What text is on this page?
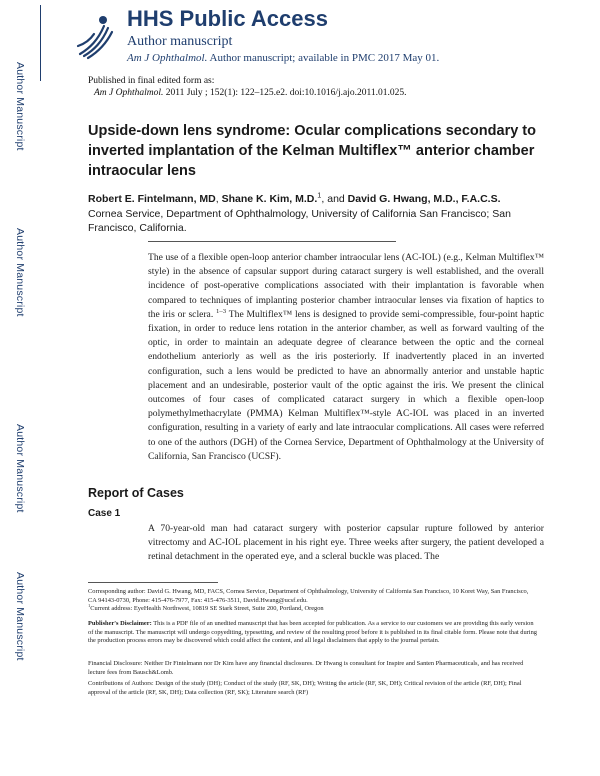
Author Manuscript
Author Manuscript
Author Manuscript
Author Manuscript
HHS Public Access
Author manuscript
Am J Ophthalmol. Author manuscript; available in PMC 2017 May 01.
Published in final edited form as:
Am J Ophthalmol. 2011 July ; 152(1): 122–125.e2. doi:10.1016/j.ajo.2011.01.025.
Upside-down lens syndrome: Ocular complications secondary to inverted implantation of the Kelman Multiflex™ anterior chamber intraocular lens
Robert E. Fintelmann, MD, Shane K. Kim, M.D.$^1$, and David G. Hwang, M.D., F.A.C.S.
Cornea Service, Department of Ophthalmology, University of California San Francisco; San Francisco, California.
The use of a flexible open-loop anterior chamber intraocular lens (AC-IOL) (e.g., Kelman Multiflex™ style) in the absence of capsular support during cataract surgery is well established, and the overall incidence of post-operative complications associated with their implantation is favorable when compared to techniques of implanting posterior chamber intraocular lenses via fixation of haptics to the iris or sclera. $^{1-3}$ The Multiflex™ lens is designed to provide semi-compressible, four-point haptic fixation, in order to reduce lens rotation in the anterior chamber, as well as forward vaulting of the optic, in order to maintain an adequate degree of clearance between the optic and the corneal endothelium anteriorly as well as the iris posteriorly. If inadvertently placed in an inverted configuration, such a lens would be predicted to have an abnormally anterior and unstable haptic placement and an undesirable, posterior vault of the optic against the iris. We present the clinical outcomes of four cases of complicated cataract surgery in which a flexible open-loop polymethylmethacrylate (PMMA) Kelman Multiflex™-style AC-IOL was placed in an inverted configuration, resulting in a variety of early and late intraocular complications. All cases were referred to one of the authors (DGH) of the Cornea Service, Department of Ophthalmology at the University of California, San Francisco (UCSF).
Report of Cases
Case 1
A 70-year-old man had cataract surgery with posterior capsular rupture followed by anterior vitrectomy and AC-IOL placement in his right eye. Three weeks after surgery, the patient developed a retinal detachment in the operated eye, and a scleral buckle was placed. The
Corresponding author: David G. Hwang, MD, FACS, Cornea Service, Department of Ophthalmology, University of California San Francisco, 10 Koret Way, San Francisco, CA 94143-0730, Phone: 415-476-7977, Fax: 415-476-3511, David.Hwang@ucsf.edu.
$^1$Current address: EyeHealth Northwest, 10819 SE Stark Street, Suite 200, Portland, Oregon
Publisher's Disclaimer: This is a PDF file of an unedited manuscript that has been accepted for publication. As a service to our customers we are providing this early version of the manuscript. The manuscript will undergo copyediting, typesetting, and review of the resulting proof before it is published in its final citable form. Please note that during the production process errors may be discovered which could affect the content, and all legal disclaimers that apply to the journal pertain.
Financial Disclosure: Neither Dr Fintelmann nor Dr Kim have any financial disclosures. Dr Hwang is consultant for Inspire and Santen Pharmaceuticals, and has received lecture fees from Bausch&Lomb.
Contributions of Authors: Design of the study (DH); Conduct of the study (RF, SK, DH); Writing the article (RF, SK, DH); Critical revision of the article (RF, DH); Final approval of the article (RF, SK, DH); Data collection (RF, SK); Literature search (RF)
